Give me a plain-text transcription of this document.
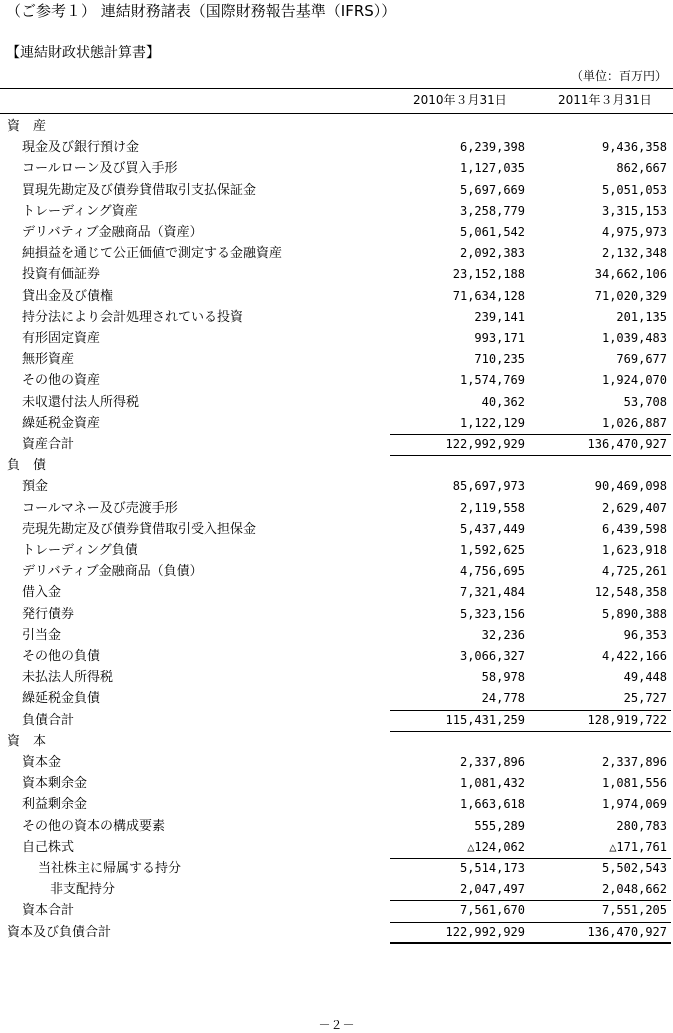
（ご参考１） 連結財務諸表（国際財務報告基準（IFRS））
【連結財政状態計算書】
（単位：百万円）
2010年３月31日	2011年３月31日
資　産
現金及び銀行預け金	6,239,398	9,436,358
コールローン及び買入手形	1,127,035	862,667
買現先勘定及び債券貸借取引支払保証金	5,697,669	5,051,053
トレーディング資産	3,258,779	3,315,153
デリバティブ金融商品（資産）	5,061,542	4,975,973
純損益を通じて公正価値で測定する金融資産	2,092,383	2,132,348
投資有価証券	23,152,188	34,662,106
貸出金及び債権	71,634,128	71,020,329
持分法により会計処理されている投資	239,141	201,135
有形固定資産	993,171	1,039,483
無形資産	710,235	769,677
その他の資産	1,574,769	1,924,070
未収還付法人所得税	40,362	53,708
繰延税金資産	1,122,129	1,026,887
資産合計	122,992,929	136,470,927
負　債
預金	85,697,973	90,469,098
コールマネー及び売渡手形	2,119,558	2,629,407
売現先勘定及び債券貸借取引受入担保金	5,437,449	6,439,598
トレーディング負債	1,592,625	1,623,918
デリバティブ金融商品（負債）	4,756,695	4,725,261
借入金	7,321,484	12,548,358
発行債券	5,323,156	5,890,388
引当金	32,236	96,353
その他の負債	3,066,327	4,422,166
未払法人所得税	58,978	49,448
繰延税金負債	24,778	25,727
負債合計	115,431,259	128,919,722
資　本
資本金	2,337,896	2,337,896
資本剰余金	1,081,432	1,081,556
利益剰余金	1,663,618	1,974,069
その他の資本の構成要素	555,289	280,783
自己株式	△124,062	△171,761
当社株主に帰属する持分	5,514,173	5,502,543
非支配持分	2,047,497	2,048,662
資本合計	7,561,670	7,551,205
資本及び負債合計	122,992,929	136,470,927
－２－
